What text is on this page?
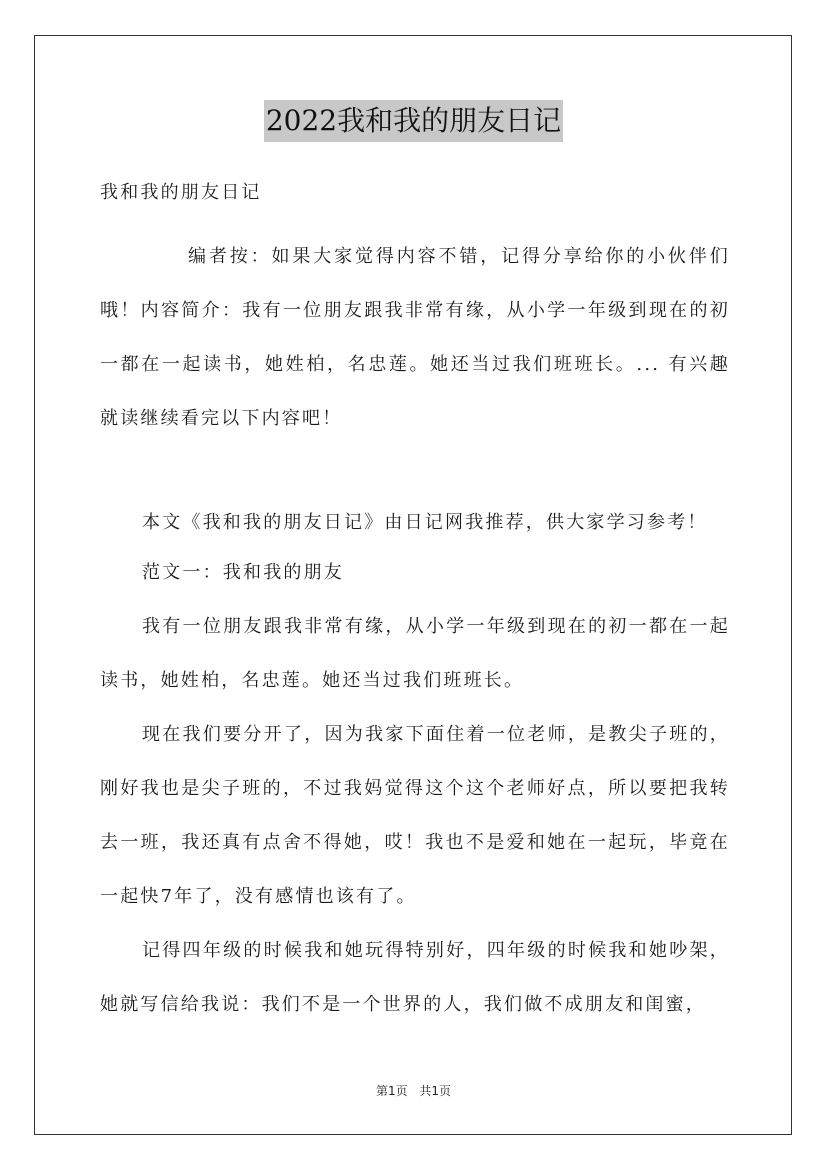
2022我和我的朋友日记
我和我的朋友日记
编者按：如果大家觉得内容不错，记得分享给你的小伙伴们哦！内容简介：我有一位朋友跟我非常有缘，从小学一年级到现在的初一都在一起读书，她姓柏，名忠莲。她还当过我们班班长。... 有兴趣就读继续看完以下内容吧！
本文《我和我的朋友日记》由日记网我推荐，供大家学习参考！
范文一：我和我的朋友
我有一位朋友跟我非常有缘，从小学一年级到现在的初一都在一起读书，她姓柏，名忠莲。她还当过我们班班长。
现在我们要分开了，因为我家下面住着一位老师，是教尖子班的，刚好我也是尖子班的，不过我妈觉得这个这个老师好点，所以要把我转去一班，我还真有点舍不得她，哎！我也不是爱和她在一起玩，毕竟在一起快7年了，没有感情也该有了。
记得四年级的时候我和她玩得特别好，四年级的时候我和她吵架，她就写信给我说：我们不是一个世界的人，我们做不成朋友和闺蜜，
第1页 共1页
